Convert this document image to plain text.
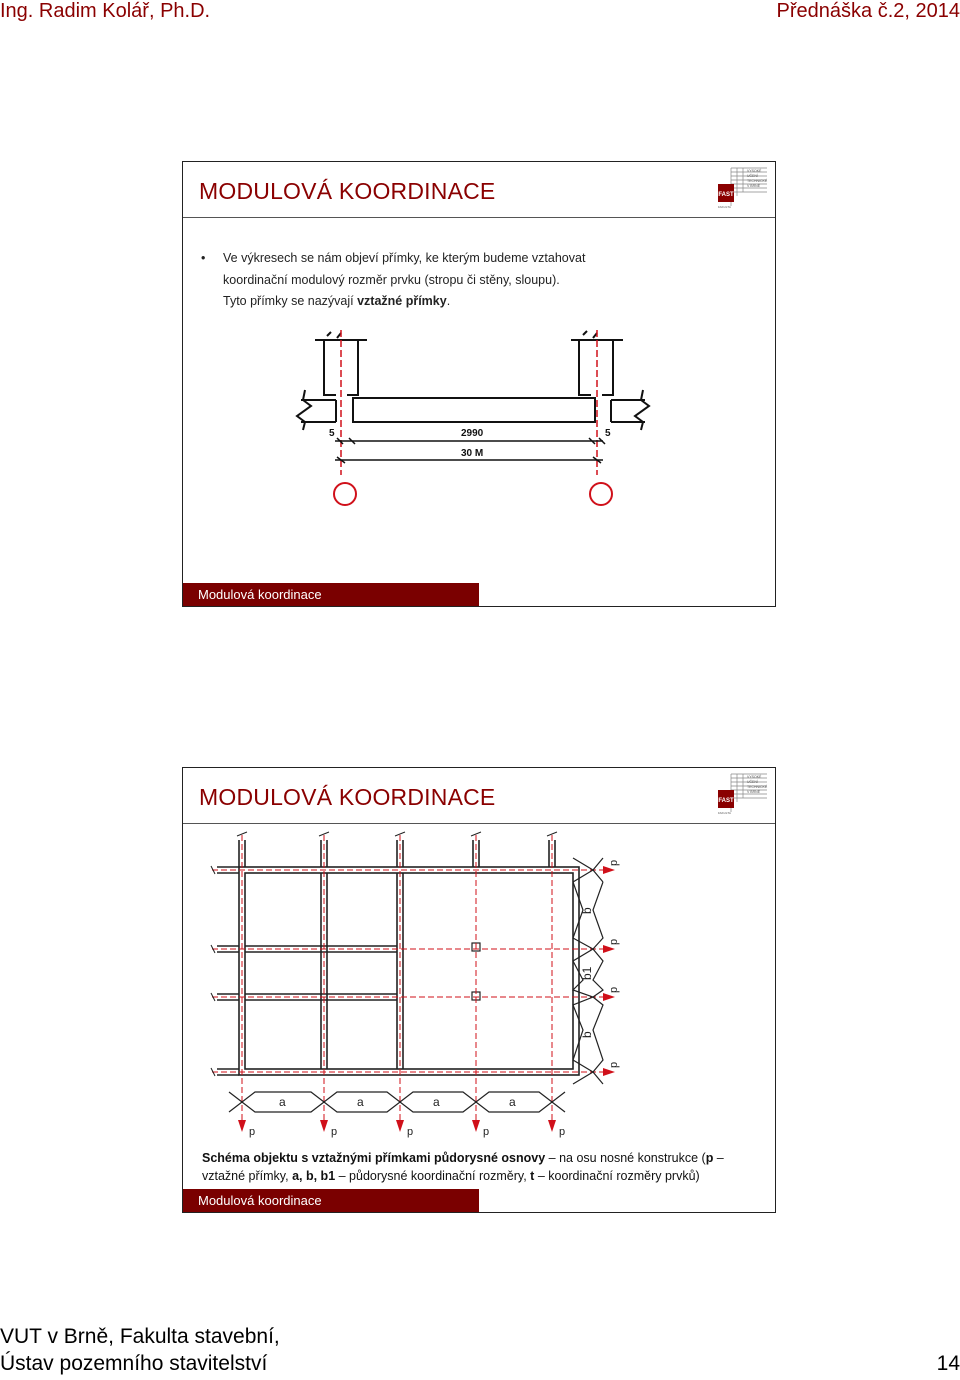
Ing. Radim Kolář, Ph.D.	Přednáška č.2, 2014
MODULOVÁ KOORDINACE	FAST
FAKULTA
VYSOKÉ
UČENÍ
TECHNICKÉ
V BRNĚ
• Ve výkresech se nám objeví přímky, ke kterým budeme vztahovat
koordinační modulový rozměr prvku (stropu či stěny, sloupu).
Tyto přímky se nazývají vztažné přímky.
5	2990	5
30 M
Modulová koordinace
MODULOVÁ KOORDINACE	FAST
FAKULTA
VYSOKÉ
UČENÍ
TECHNICKÉ
V BRNĚ
a	a	a	a
b
b1
b
p	p	p	p	p
p
p
p
p
Schéma objektu s vztažnými přímkami půdorysné osnovy – na osu nosné konstrukce (p – vztažné přímky, a, b, b1 – půdorysné koordinační rozměry, t – koordinační rozměry prvků)
Modulová koordinace
VUT v Brně, Fakulta stavební,
Ústav pozemního stavitelství	14
